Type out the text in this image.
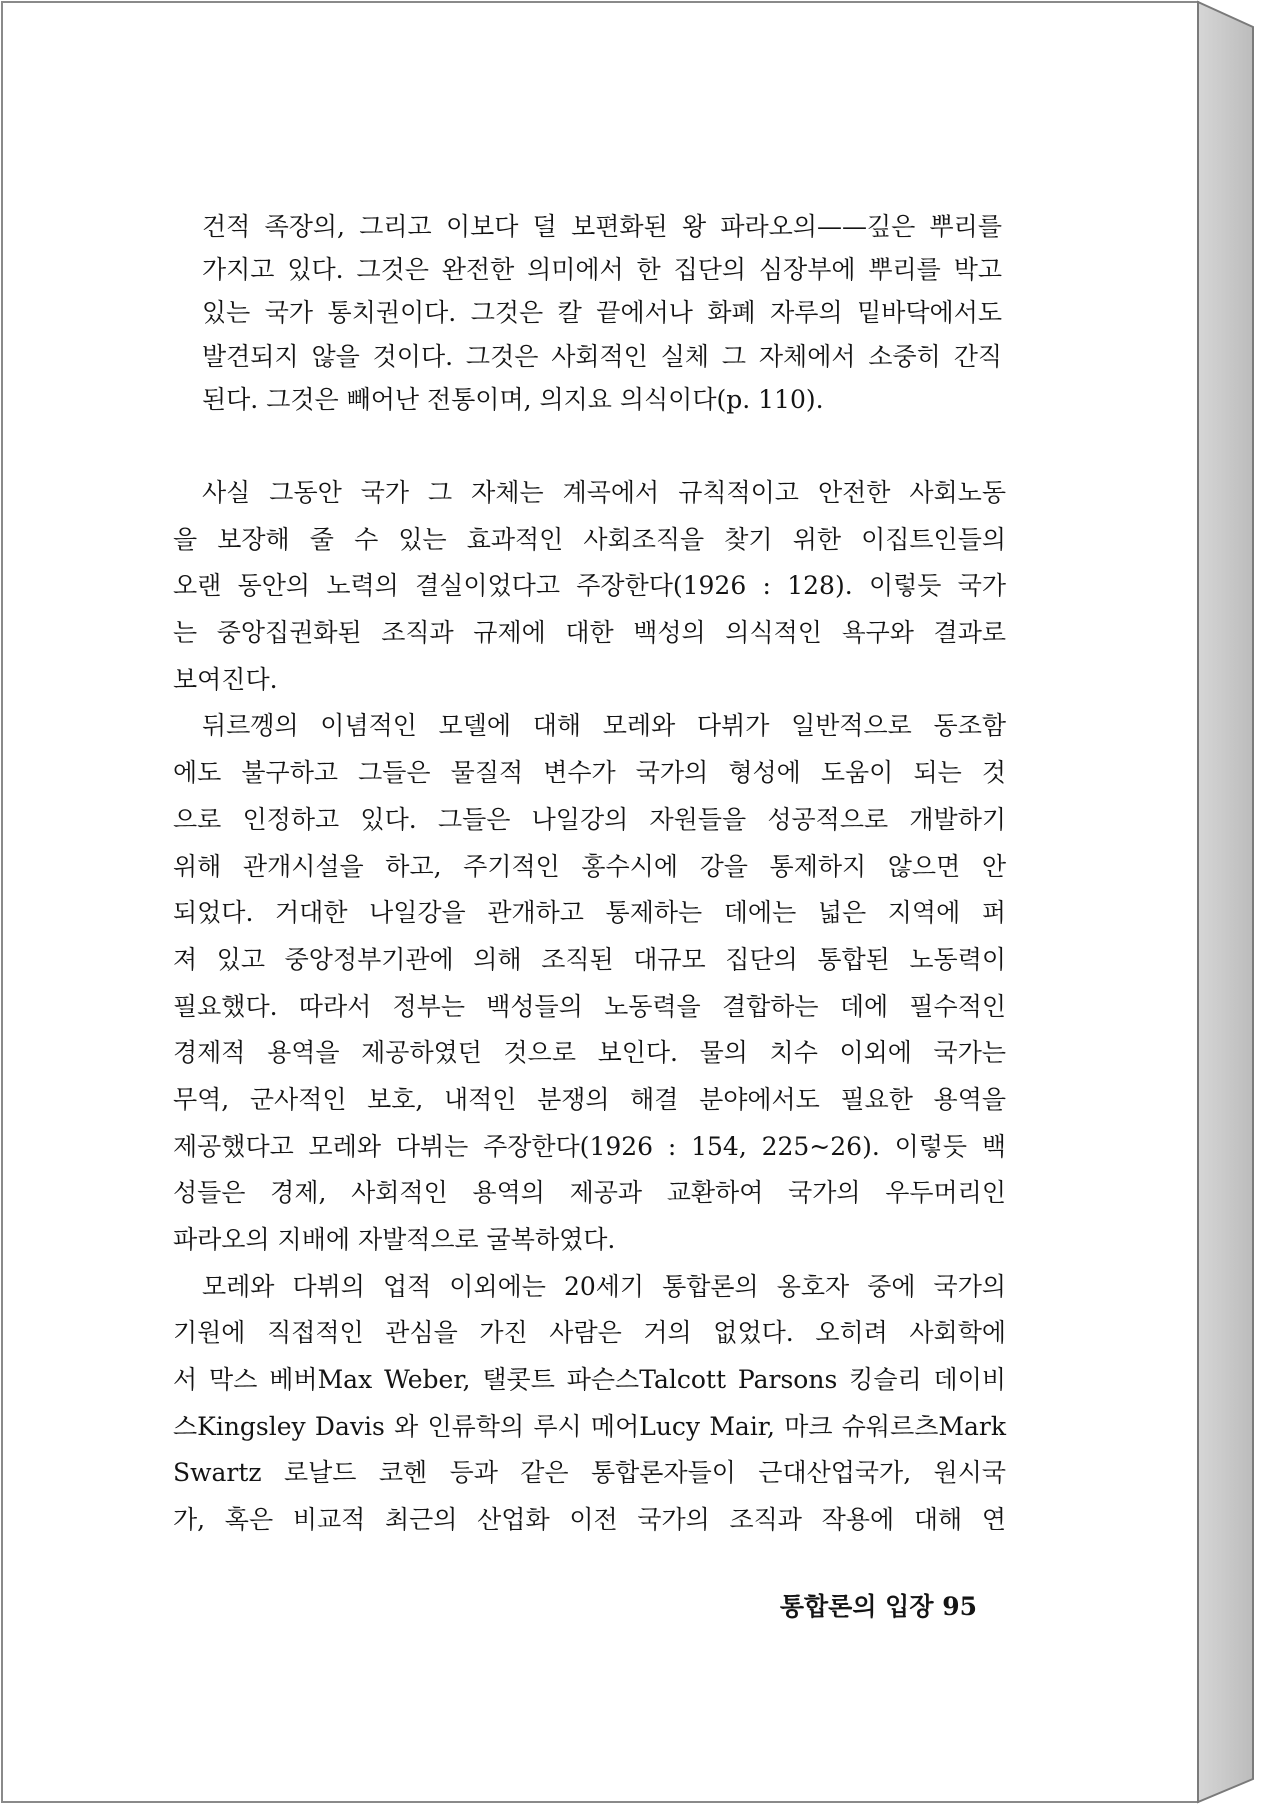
건적 족장의, 그리고 이보다 덜 보편화된 왕 파라오의——깊은 뿌리를
가지고 있다. 그것은 완전한 의미에서 한 집단의 심장부에 뿌리를 박고
있는 국가 통치권이다. 그것은 칼 끝에서나 화폐 자루의 밑바닥에서도
발견되지 않을 것이다. 그것은 사회적인 실체 그 자체에서 소중히 간직
된다. 그것은 빼어난 전통이며, 의지요 의식이다(p. 110).
사실 그동안 국가 그 자체는 계곡에서 규칙적이고 안전한 사회노동
을 보장해 줄 수 있는 효과적인 사회조직을 찾기 위한 이집트인들의
오랜 동안의 노력의 결실이었다고 주장한다(1926 : 128). 이렇듯 국가
는 중앙집권화된 조직과 규제에 대한 백성의 의식적인 욕구와 결과로
보여진다.
뒤르껭의 이념적인 모델에 대해 모레와 다뷔가 일반적으로 동조함
에도 불구하고 그들은 물질적 변수가 국가의 형성에 도움이 되는 것
으로 인정하고 있다. 그들은 나일강의 자원들을 성공적으로 개발하기
위해 관개시설을 하고, 주기적인 홍수시에 강을 통제하지 않으면 안
되었다. 거대한 나일강을 관개하고 통제하는 데에는 넓은 지역에 퍼
져 있고 중앙정부기관에 의해 조직된 대규모 집단의 통합된 노동력이
필요했다. 따라서 정부는 백성들의 노동력을 결합하는 데에 필수적인
경제적 용역을 제공하였던 것으로 보인다. 물의 치수 이외에 국가는
무역, 군사적인 보호, 내적인 분쟁의 해결 분야에서도 필요한 용역을
제공했다고 모레와 다뷔는 주장한다(1926 : 154, 225~26). 이렇듯 백
성들은 경제, 사회적인 용역의 제공과 교환하여 국가의 우두머리인
파라오의 지배에 자발적으로 굴복하였다.
모레와 다뷔의 업적 이외에는 20세기 통합론의 옹호자 중에 국가의
기원에 직접적인 관심을 가진 사람은 거의 없었다. 오히려 사회학에
서 막스 베버Max Weber, 탤콧트 파슨스Talcott Parsons 킹슬리 데이비
스Kingsley Davis 와 인류학의 루시 메어Lucy Mair, 마크 슈워르츠Mark
Swartz 로날드 코헨 등과 같은 통합론자들이 근대산업국가, 원시국
가, 혹은 비교적 최근의 산업화 이전 국가의 조직과 작용에 대해 연
통합론의 입장 95
